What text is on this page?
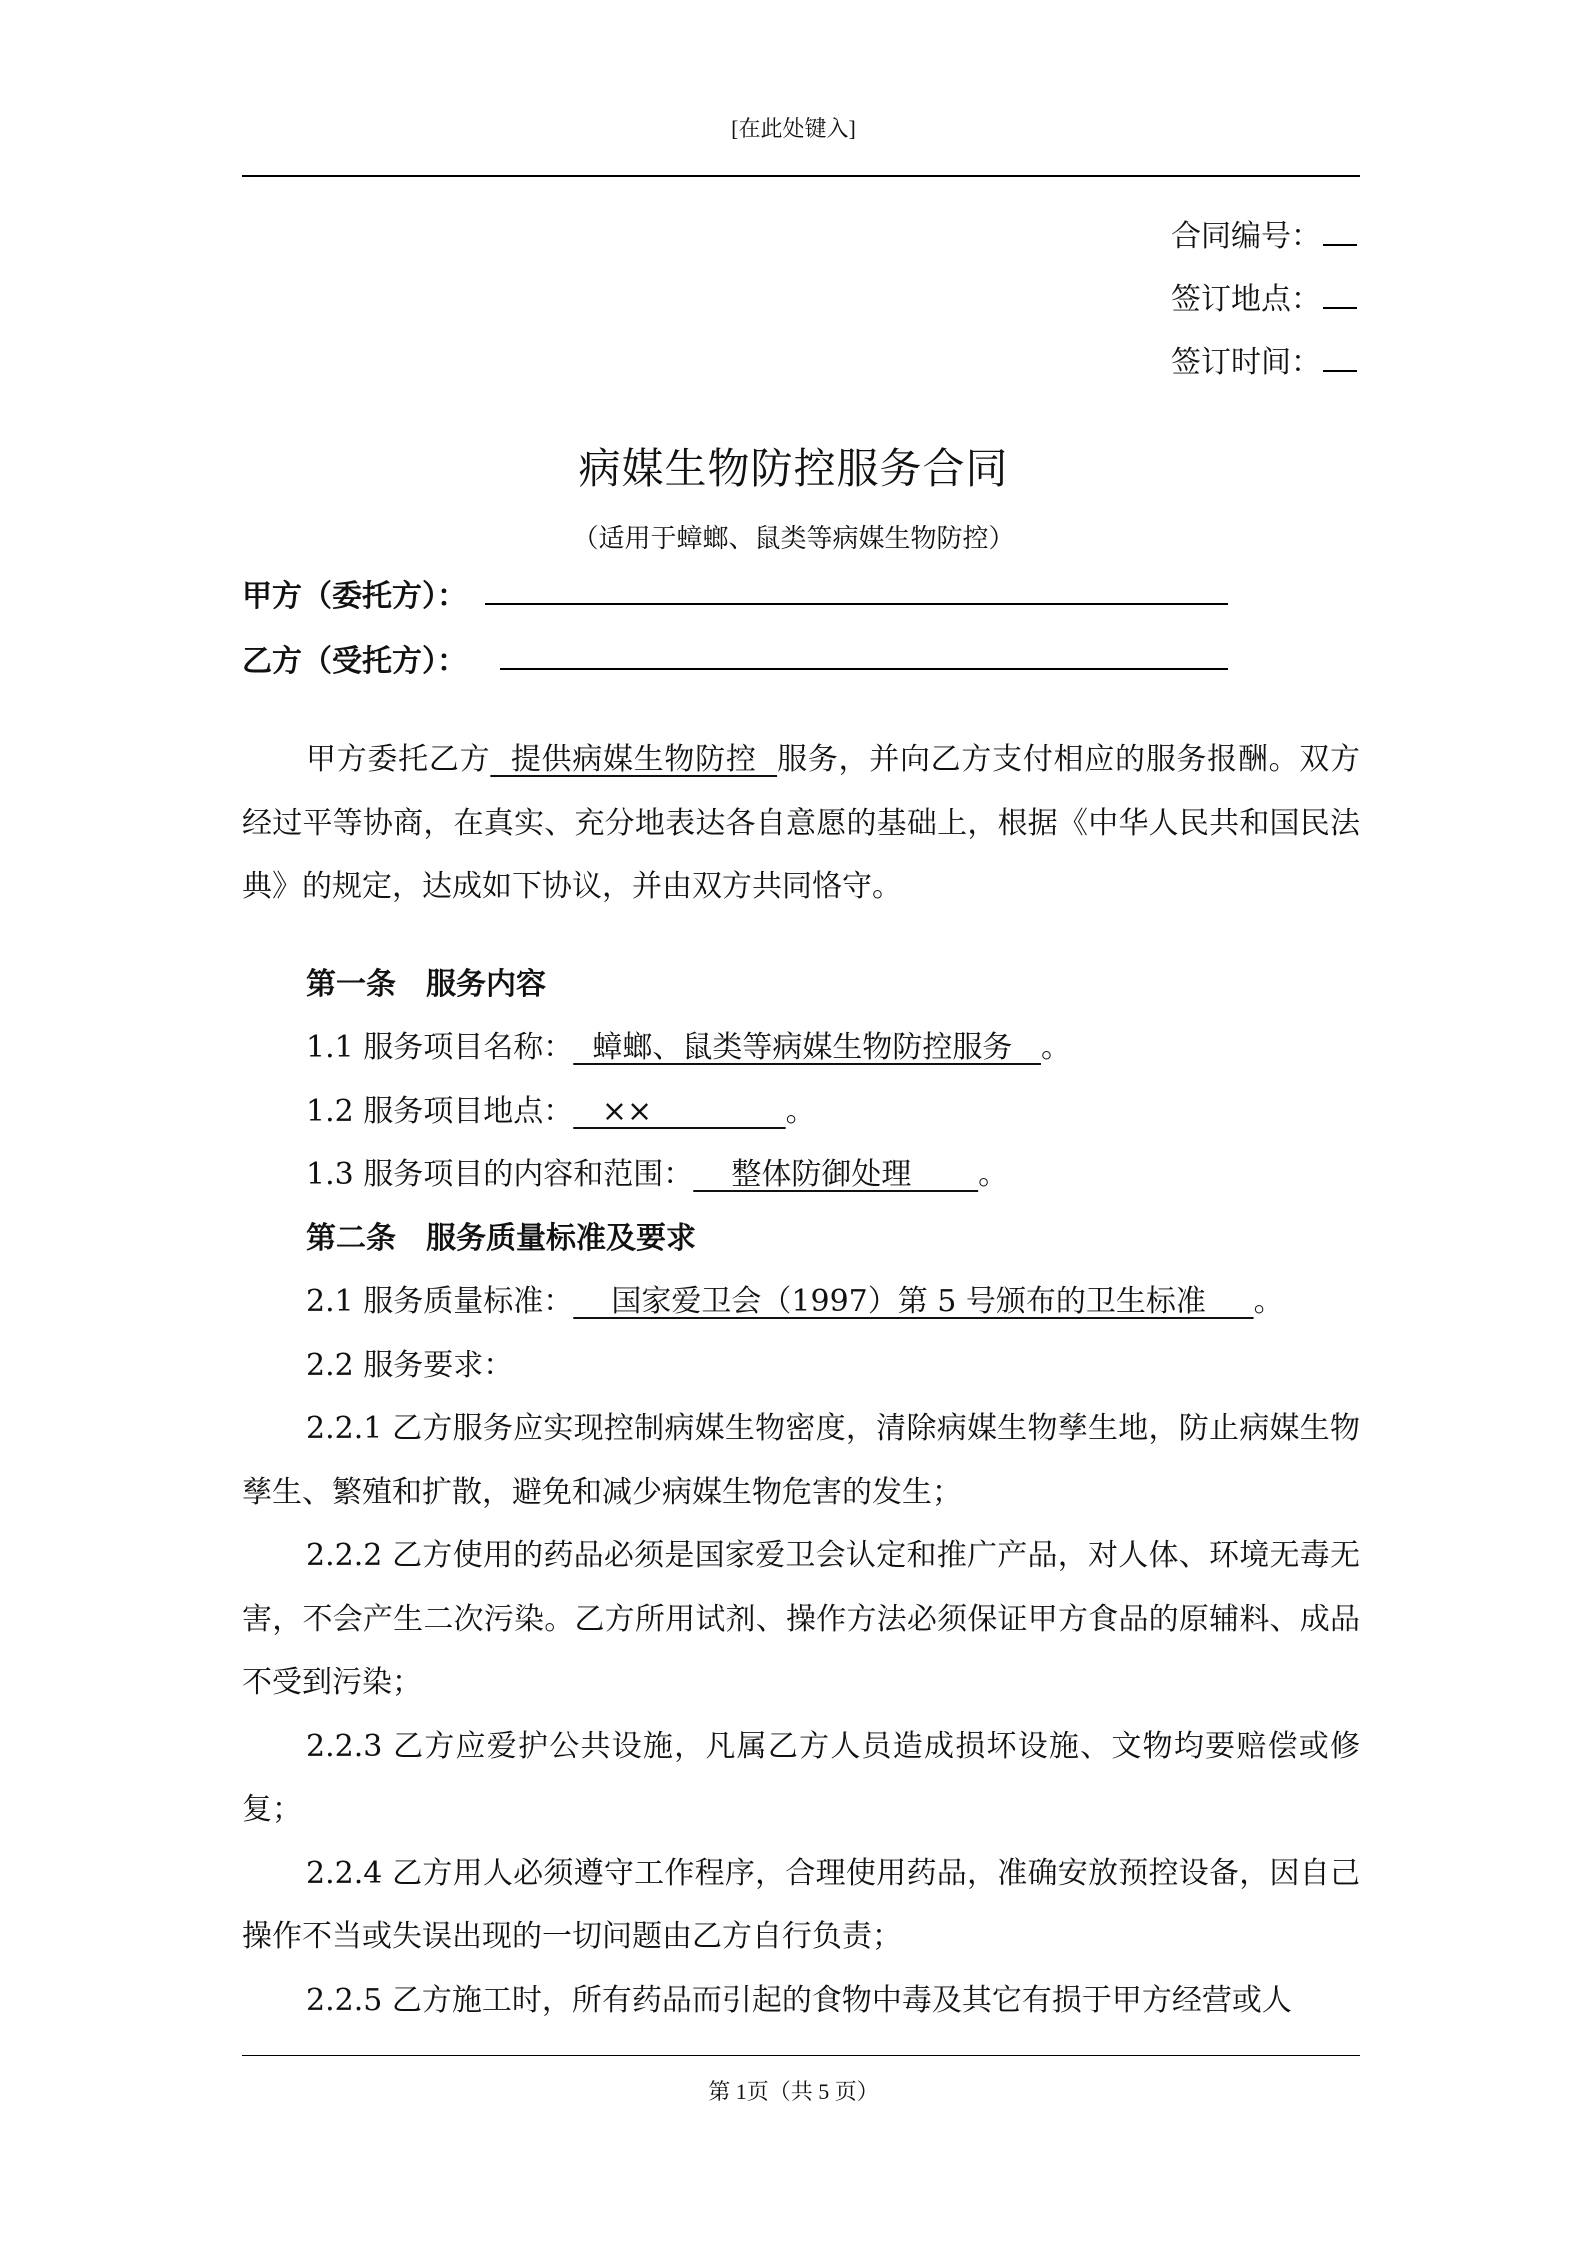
[在此处键入]
合同编号：
签订地点：
签订时间：
病媒生物防控服务合同
（适用于蟑螂、鼠类等病媒生物防控）
甲方（委托方）：
乙方（受托方）：

甲方委托乙方  提供病媒生物防控  服务，并向乙方支付相应的服务报酬。双方经过平等协商，在真实、充分地表达各自意愿的基础上，根据《中华人民共和国民法典》的规定，达成如下协议，并由双方共同恪守。

第一条　服务内容

1.1 服务项目名称：  蟑螂、鼠类等病媒生物防控服务   。

1.2 服务项目地点：   ××              。

1.3 服务项目的内容和范围：    整体防御处理       。

第二条　服务质量标准及要求

2.1 服务质量标准：    国家爱卫会（1997）第 5 号颁布的卫生标准     。

2.2 服务要求：

2.2.1 乙方服务应实现控制病媒生物密度，清除病媒生物孳生地，防止病媒生物孳生、繁殖和扩散，避免和减少病媒生物危害的发生；

2.2.2 乙方使用的药品必须是国家爱卫会认定和推广产品，对人体、环境无毒无害，不会产生二次污染。乙方所用试剂、操作方法必须保证甲方食品的原辅料、成品不受到污染；

2.2.3 乙方应爱护公共设施，凡属乙方人员造成损坏设施、文物均要赔偿或修复；

2.2.4 乙方用人必须遵守工作程序，合理使用药品，准确安放预控设备，因自己操作不当或失误出现的一切问题由乙方自行负责；

2.2.5 乙方施工时，所有药品而引起的食物中毒及其它有损于甲方经营或人

第 1页（共 5 页）
